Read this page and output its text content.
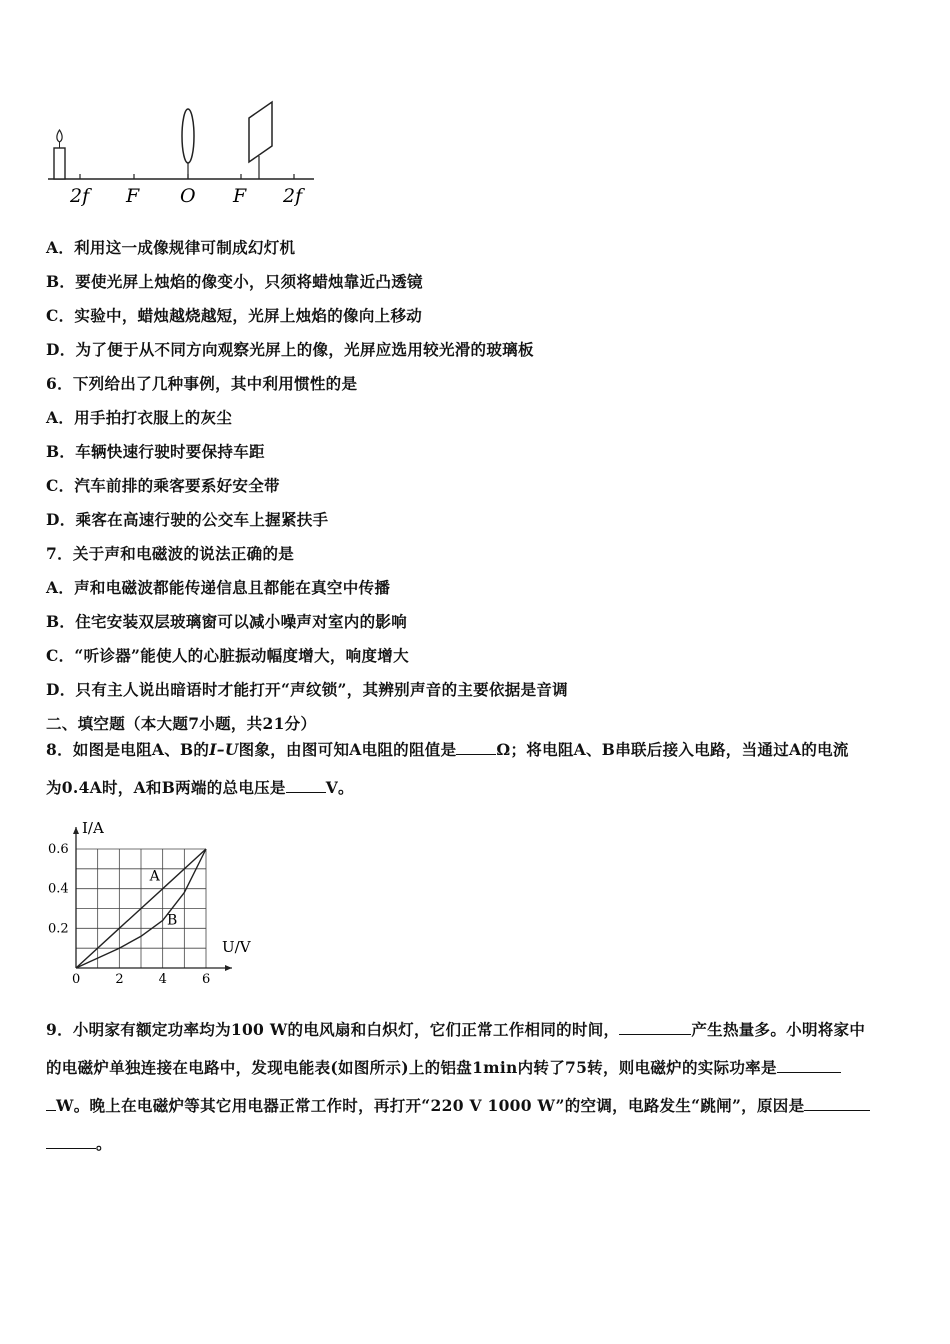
2f F O F 2f
A．利用这一成像规律可制成幻灯机
B．要使光屏上烛焰的像变小，只须将蜡烛靠近凸透镜
C．实验中，蜡烛越烧越短，光屏上烛焰的像向上移动
D．为了便于从不同方向观察光屏上的像，光屏应选用较光滑的玻璃板
6．下列给出了几种事例，其中利用惯性的是
A．用手拍打衣服上的灰尘
B．车辆快速行驶时要保持车距
C．汽车前排的乘客要系好安全带
D．乘客在高速行驶的公交车上握紧扶手
7．关于声和电磁波的说法正确的是
A．声和电磁波都能传递信息且都能在真空中传播
B．住宅安装双层玻璃窗可以减小噪声对室内的影响
C．“听诊器”能使人的心脏振动幅度增大，响度增大
D．只有主人说出暗语时才能打开“声纹锁”，其辨别声音的主要依据是音调
二、填空题（本大题7小题，共21分）
8．如图是电阻A、B的I–U图象，由图可知A电阻的阻值是	Ω；将电阻A、B串联后接入电路，当通过A的电流
为0.4A时，A和B两端的总电压是	V。
I/A
U/V
0	2	4	6
0.2
0.4
0.6
A
B
9．小明家有额定功率均为100 W的电风扇和白炽灯，它们正常工作相同的时间，	产生热量多。小明将家中
的电磁炉单独连接在电路中，发现电能表(如图所示)上的铝盘1min内转了75转，则电磁炉的实际功率是
W。晚上在电磁炉等其它用电器正常工作时，再打开“220 V 1000 W”的空调，电路发生“跳闸”，原因是
。
